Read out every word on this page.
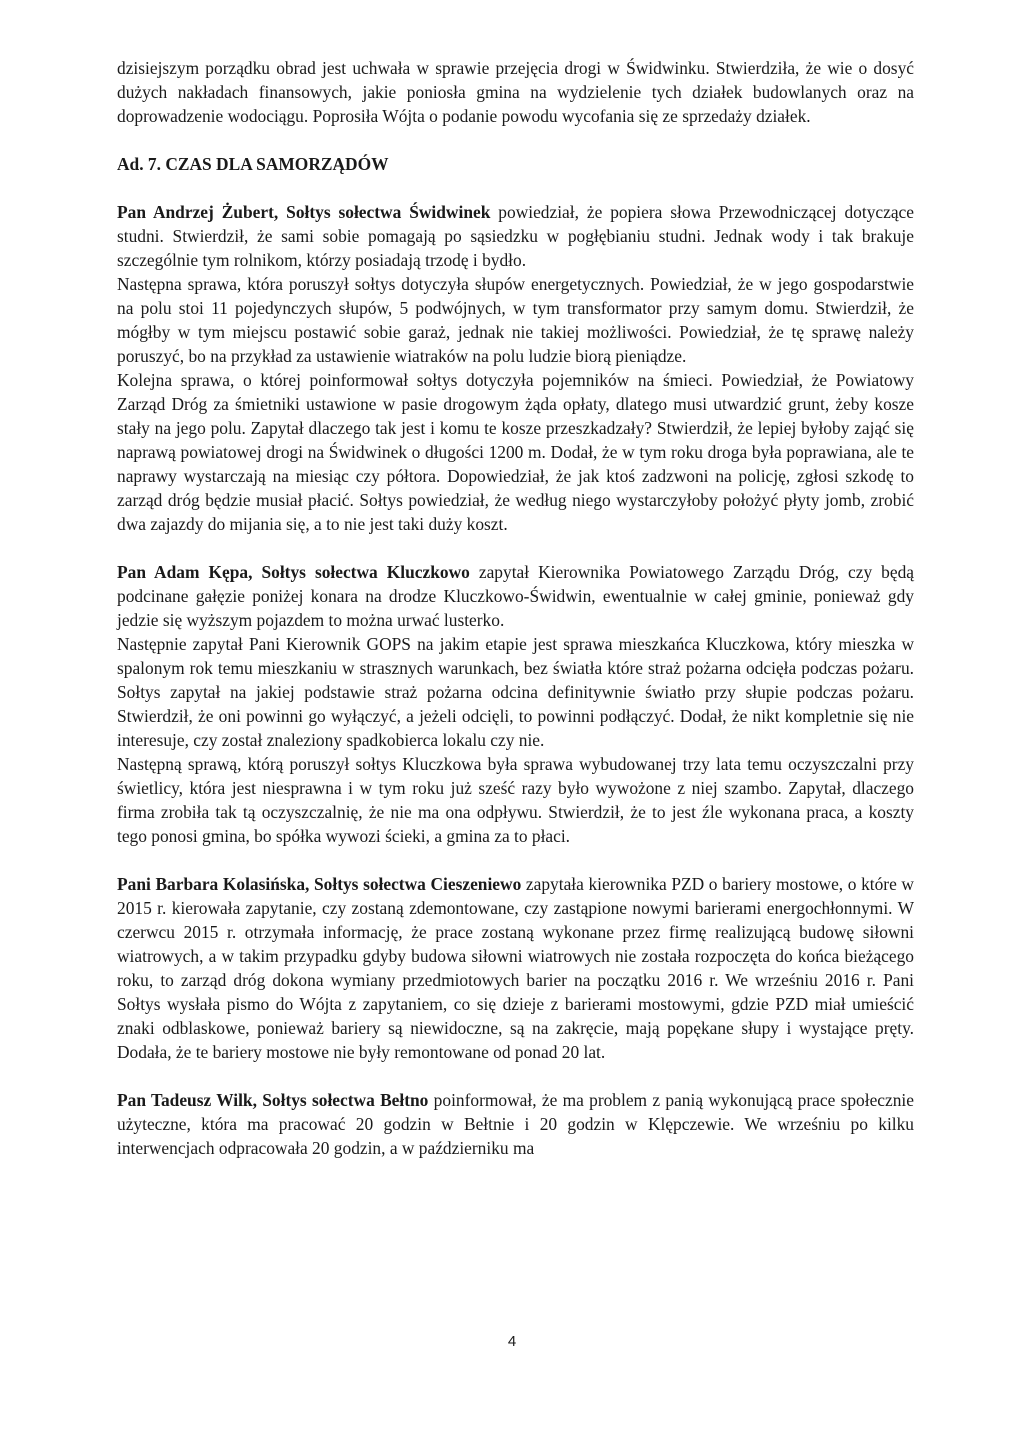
dzisiejszym porządku obrad jest uchwała w sprawie przejęcia drogi w Świdwinku. Stwierdziła, że wie o dosyć dużych nakładach finansowych, jakie poniosła gmina na wydzielenie tych działek budowlanych oraz na doprowadzenie wodociągu. Poprosiła Wójta o podanie powodu wycofania się ze sprzedaży działek.

Ad. 7. CZAS DLA SAMORZĄDÓW

Pan Andrzej Żubert, Sołtys sołectwa Świdwinek powiedział, że popiera słowa Przewodniczącej dotyczące studni. Stwierdził, że sami sobie pomagają po sąsiedzku w pogłębianiu studni. Jednak wody i tak brakuje szczególnie tym rolnikom, którzy posiadają trzodę i bydło.

Następna sprawa, która poruszył sołtys dotyczyła słupów energetycznych. Powiedział, że w jego gospodarstwie na polu stoi 11 pojedynczych słupów, 5 podwójnych, w tym transformator przy samym domu. Stwierdził, że mógłby w tym miejscu postawić sobie garaż, jednak nie takiej możliwości. Powiedział, że tę sprawę należy poruszyć, bo na przykład za ustawienie wiatraków na polu ludzie biorą pieniądze.

Kolejna sprawa, o której poinformował sołtys dotyczyła pojemników na śmieci. Powiedział, że Powiatowy Zarząd Dróg za śmietniki ustawione w pasie drogowym żąda opłaty, dlatego musi utwardzić grunt, żeby kosze stały na jego polu. Zapytał dlaczego tak jest i komu te kosze przeszkadzały? Stwierdził, że lepiej byłoby zająć się naprawą powiatowej drogi na Świdwinek o długości 1200 m. Dodał, że w tym roku droga była poprawiana, ale te naprawy wystarczają na miesiąc czy półtora. Dopowiedział, że jak ktoś zadzwoni na policję, zgłosi szkodę to zarząd dróg będzie musiał płacić. Sołtys powiedział, że według niego wystarczyłoby położyć płyty jomb, zrobić dwa zajazdy do mijania się, a to nie jest taki duży koszt.

Pan Adam Kępa, Sołtys sołectwa Kluczkowo zapytał Kierownika Powiatowego Zarządu Dróg, czy będą podcinane gałęzie poniżej konara na drodze Kluczkowo-Świdwin, ewentualnie w całej gminie, ponieważ gdy jedzie się wyższym pojazdem to można urwać lusterko.

Następnie zapytał Pani Kierownik GOPS na jakim etapie jest sprawa mieszkańca Kluczkowa, który mieszka w spalonym rok temu mieszkaniu w strasznych warunkach, bez światła które straż pożarna odcięła podczas pożaru. Sołtys zapytał na jakiej podstawie straż pożarna odcina definitywnie światło przy słupie podczas pożaru. Stwierdził, że oni powinni go wyłączyć, a jeżeli odcięli, to powinni podłączyć. Dodał, że nikt kompletnie się nie interesuje, czy został znaleziony spadkobierca lokalu czy nie.

Następną sprawą, którą poruszył sołtys Kluczkowa była sprawa wybudowanej trzy lata temu oczyszczalni przy świetlicy, która jest niesprawna i w tym roku już sześć razy było wywożone z niej szambo. Zapytał, dlaczego firma zrobiła tak tą oczyszczalnię, że nie ma ona odpływu. Stwierdził, że to jest źle wykonana praca, a koszty tego ponosi gmina, bo spółka wywozi ścieki, a gmina za to płaci.

Pani Barbara Kolasińska, Sołtys sołectwa Cieszeniewo zapytała kierownika PZD o bariery mostowe, o które w 2015 r. kierowała zapytanie, czy zostaną zdemontowane, czy zastąpione nowymi barierami energochłonnymi. W czerwcu 2015 r. otrzymała informację, że prace zostaną wykonane przez firmę realizującą budowę siłowni wiatrowych, a w takim przypadku gdyby budowa siłowni wiatrowych nie została rozpoczęta do końca bieżącego roku, to zarząd dróg dokona wymiany przedmiotowych barier na początku 2016 r. We wrześniu 2016 r. Pani Sołtys wysłała pismo do Wójta z zapytaniem, co się dzieje z barierami mostowymi, gdzie PZD miał umieścić znaki odblaskowe, ponieważ bariery są niewidoczne, są na zakręcie, mają popękane słupy i wystające pręty. Dodała, że te bariery mostowe nie były remontowane od ponad 20 lat.

Pan Tadeusz Wilk, Sołtys sołectwa Bełtno poinformował, że ma problem z panią wykonującą prace społecznie użyteczne, która ma pracować 20 godzin w Bełtnie i 20 godzin w Klępczewie. We wrześniu po kilku interwencjach odpracowała 20 godzin, a w październiku ma

4
